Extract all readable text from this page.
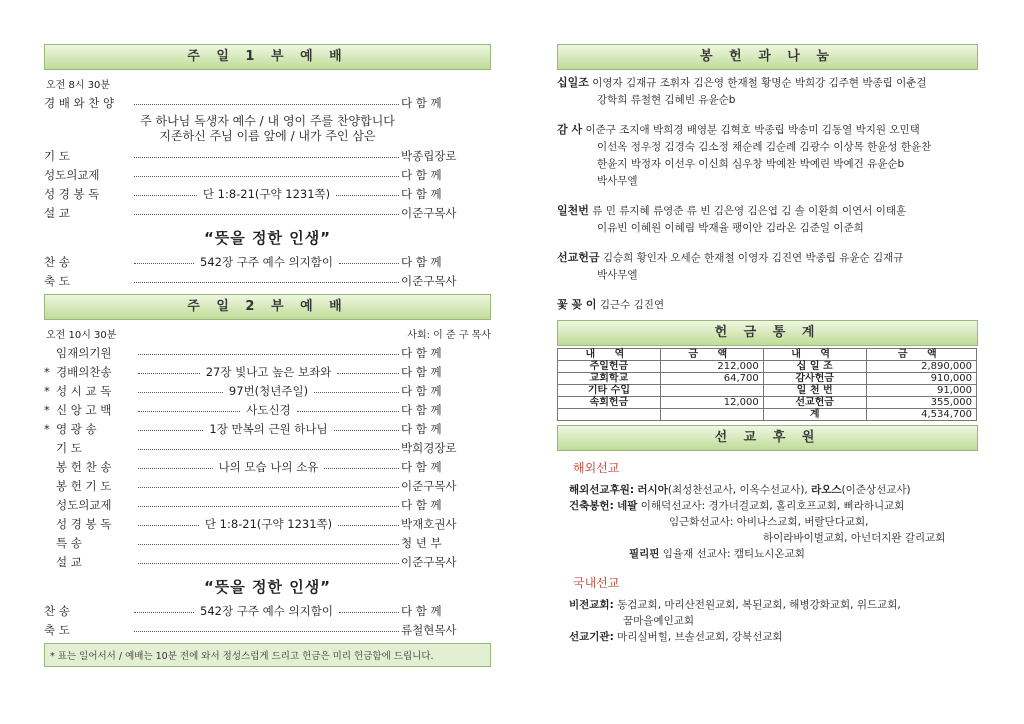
주 일 1 부 예 배
오전 8시 30분
경 배 와 찬 양	다 함 께
주 하나님 독생자 예수 / 내 영이 주를 찬양합니다
지존하신 주님 이름 앞에 / 내가 주인 삼은
기 도	박종립장로
성도의교제	다 함 께
성 경 봉 독	단 1:8-21(구약 1231쪽)	다 함 께
설 교	이준구목사
“뜻을 정한 인생”
찬 송	542장 구주 예수 의지함이	다 함 께
축 도	이준구목사
주 일 2 부 예 배
오전 10시 30분	사회: 이 준 구 목사
임재의기원	다 함 께
* 경배의찬송	27장 빛나고 높은 보좌와	다 함 께
* 성 시 교 독	97번(청년주일)	다 함 께
* 신 앙 고 백	사도신경	다 함 께
* 영 광 송	1장 만복의 근원 하나님	다 함 께
기 도	박희경장로
봉 헌 찬 송	나의 모습 나의 소유	다 함 께
봉 헌 기 도	이준구목사
성도의교제	다 함 께
성 경 봉 독	단 1:8-21(구약 1231쪽)	박재호권사
특 송	청 년 부
설 교	이준구목사
“뜻을 정한 인생”
찬 송	542장 구주 예수 의지함이	다 함 께
축 도	류철현목사
* 표는 일어서서 / 예배는 10분 전에 와서 정성스럽게 드리고 헌금은 미리 헌금함에 드립니다.
봉 헌 과 나 눔
십일조 이영자 김재규 조휘자 김은영 한재철 황명순 박희강 김주현 박종립 이춘걸
강학희 류철현 김혜빈 유윤순b
감 사 이준구 조지애 박희경 배영분 김혁호 박종립 박송미 김동열 박지원 오민택
이선옥 정우정 김경숙 김소정 채순례 김순례 김광수 이상목 한윤성 한윤찬
한윤지 박정자 이선우 이신희 심우창 박예찬 박예린 박예건 유윤순b
박사무엘
일천번 류 민 류지혜 류영준 류 빈 김은영 김은엽 김 솔 이환희 이연서 이태훈
이유빈 이혜원 이혜림 박재율 팽이안 김라온 김준일 이준희
선교헌금 김승희 황인자 오세순 한재철 이영자 김진연 박종립 유윤순 김재규
박사무엘
꽃 꽂 이 김근수 김진연
헌 금 통 계
내 역	금 액	내 역	금 액
주일헌금	212,000	십 일 조	2,890,000
교회학교	64,700	감사헌금	910,000
기타 수입		일 천 번	91,000
속회헌금	12,000	선교헌금	355,000
		계	4,534,700
선 교 후 원
해외선교
해외선교후원: 러시아(최성찬선교사, 이옥수선교사), 라오스(이준상선교사)
건축봉헌: 네팔 이해덕선교사: 경가너걸교회, 홀리호프교회, 삐라하니교회
임근화선교사: 아비나스교회, 버랄단다교회,
하이라바이벌교회, 아넌더지완 갈리교회
필리핀 임율재 선교사: 캠티뇨시온교회
국내선교
비전교회: 동검교회, 마리산전원교회, 복된교회, 해병강화교회, 위드교회,
꿈마을예인교회
선교기관: 마리실버힐, 브솔선교회, 강북선교회
